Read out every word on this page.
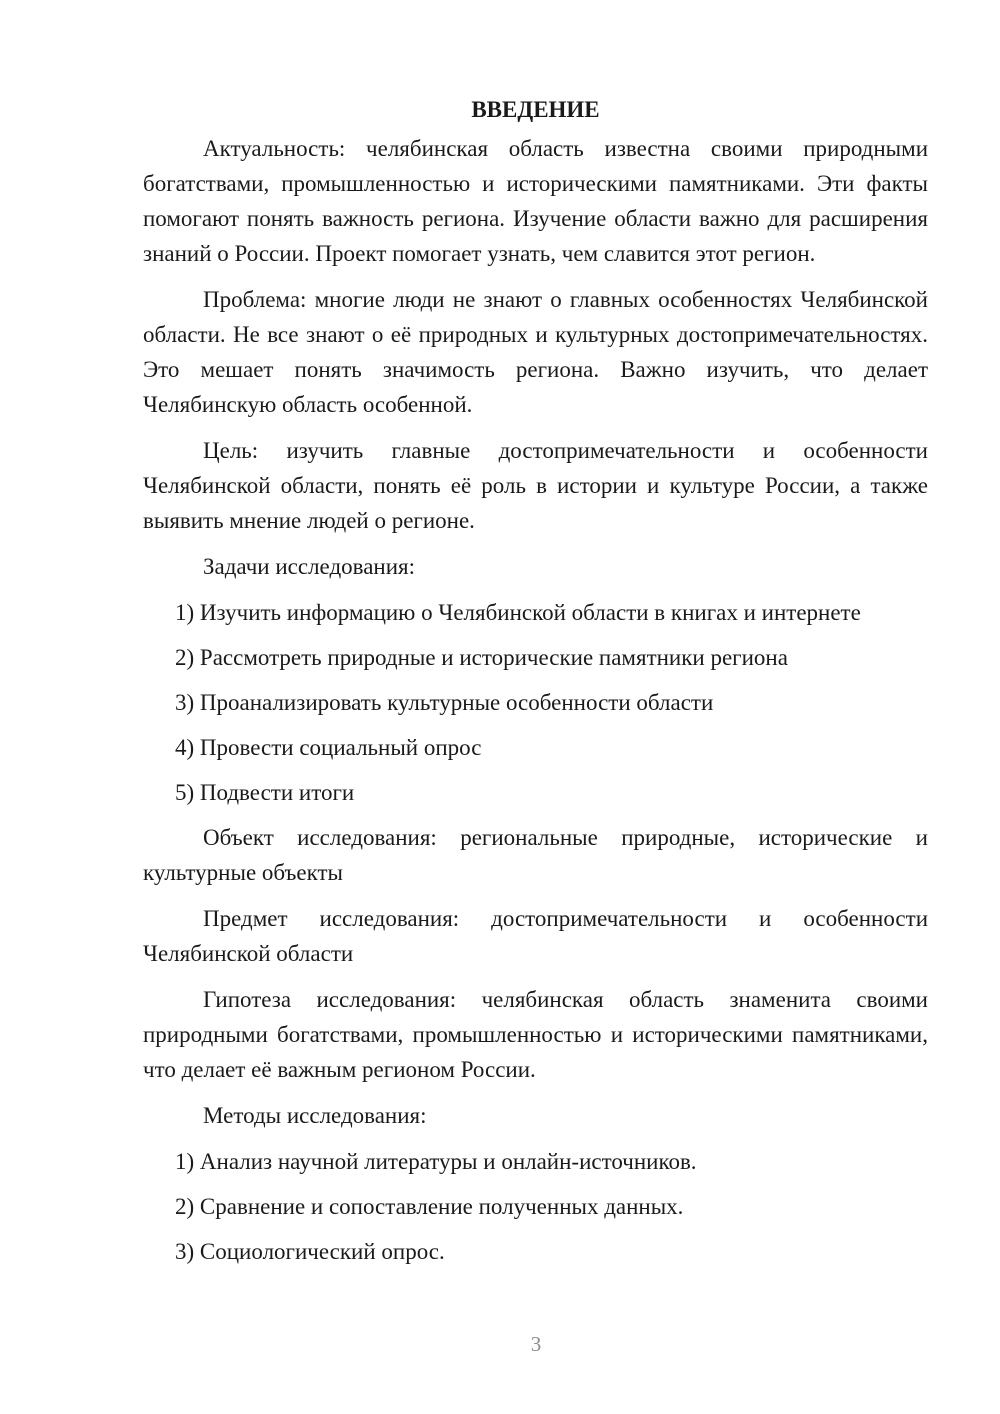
ВВЕДЕНИЕ

Актуальность: челябинская область известна своими природными богатствами, промышленностью и историческими памятниками. Эти факты помогают понять важность региона. Изучение области важно для расширения знаний о России. Проект помогает узнать, чем славится этот регион.

Проблема: многие люди не знают о главных особенностях Челябинской области. Не все знают о её природных и культурных достопримечательностях. Это мешает понять значимость региона. Важно изучить, что делает Челябинскую область особенной.

Цель: изучить главные достопримечательности и особенности Челябинской области, понять её роль в истории и культуре России, а также выявить мнение людей о регионе.

Задачи исследования:
1) Изучить информацию о Челябинской области в книгах и интернете
2) Рассмотреть природные и исторические памятники региона
3) Проанализировать культурные особенности области
4) Провести социальный опрос
5) Подвести итоги

Объект исследования: региональные природные, исторические и культурные объекты

Предмет исследования: достопримечательности и особенности Челябинской области

Гипотеза исследования: челябинская область знаменита своими природными богатствами, промышленностью и историческими памятниками, что делает её важным регионом России.

Методы исследования:
1) Анализ научной литературы и онлайн-источников.
2) Сравнение и сопоставление полученных данных.
3) Социологический опрос.
3
